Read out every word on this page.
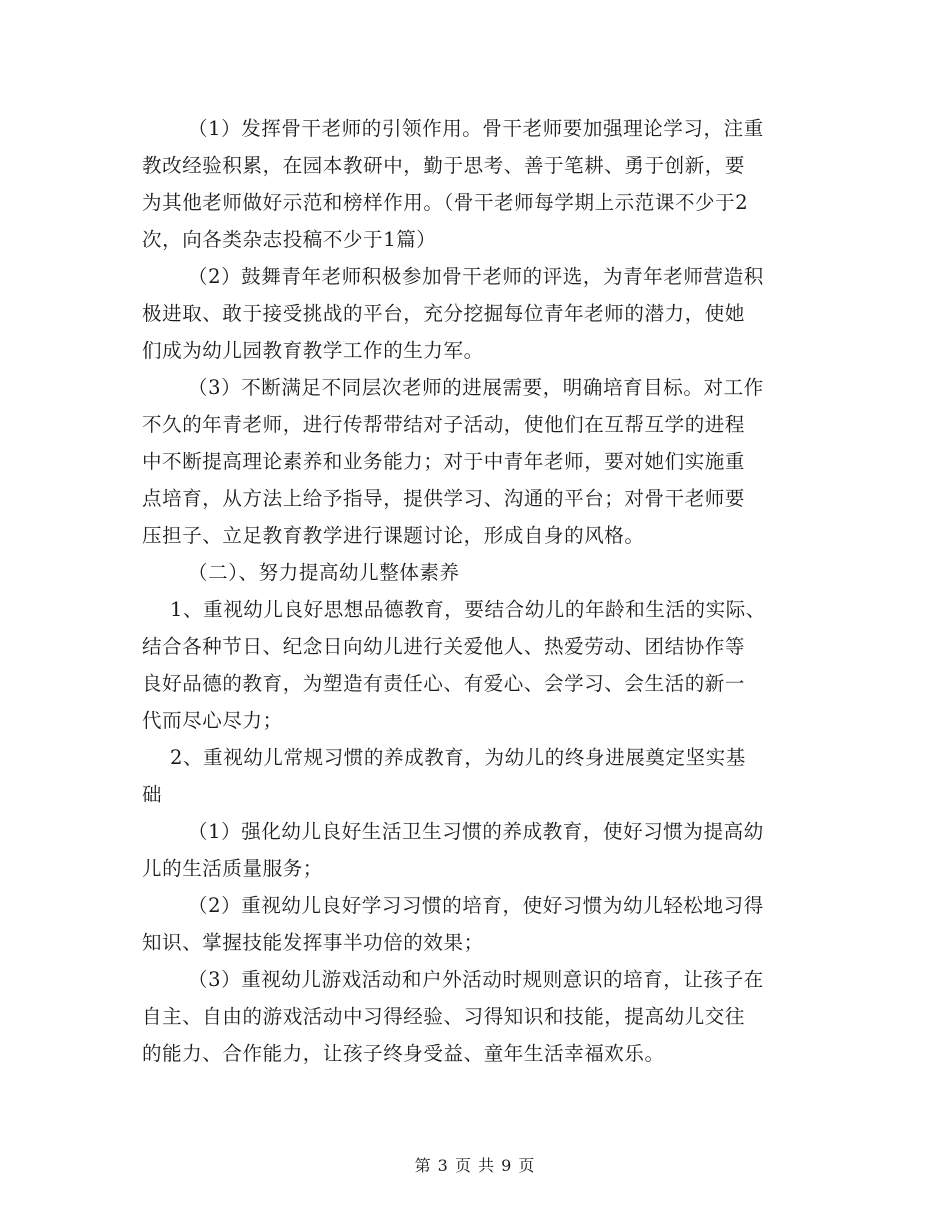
（1）发挥骨干老师的引领作用。骨干老师要加强理论学习，注重
教改经验积累，在园本教研中，勤于思考、善于笔耕、勇于创新，要
为其他老师做好示范和榜样作用。（骨干老师每学期上示范课不少于2
次，向各类杂志投稿不少于1篇）
（2）鼓舞青年老师积极参加骨干老师的评选，为青年老师营造积
极进取、敢于接受挑战的平台，充分挖掘每位青年老师的潜力，使她
们成为幼儿园教育教学工作的生力军。
（3）不断满足不同层次老师的进展需要，明确培育目标。对工作
不久的年青老师，进行传帮带结对子活动，使他们在互帮互学的进程
中不断提高理论素养和业务能力；对于中青年老师，要对她们实施重
点培育，从方法上给予指导，提供学习、沟通的平台；对骨干老师要
压担子、立足教育教学进行课题讨论，形成自身的风格。
（二）、努力提高幼儿整体素养
1、重视幼儿良好思想品德教育，要结合幼儿的年龄和生活的实际、
结合各种节日、纪念日向幼儿进行关爱他人、热爱劳动、团结协作等
良好品德的教育，为塑造有责任心、有爱心、会学习、会生活的新一
代而尽心尽力；
2、重视幼儿常规习惯的养成教育，为幼儿的终身进展奠定坚实基
础
（1）强化幼儿良好生活卫生习惯的养成教育，使好习惯为提高幼
儿的生活质量服务；
（2）重视幼儿良好学习习惯的培育，使好习惯为幼儿轻松地习得
知识、掌握技能发挥事半功倍的效果；
（3）重视幼儿游戏活动和户外活动时规则意识的培育，让孩子在
自主、自由的游戏活动中习得经验、习得知识和技能，提高幼儿交往
的能力、合作能力，让孩子终身受益、童年生活幸福欢乐。
第 3 页 共 9 页
